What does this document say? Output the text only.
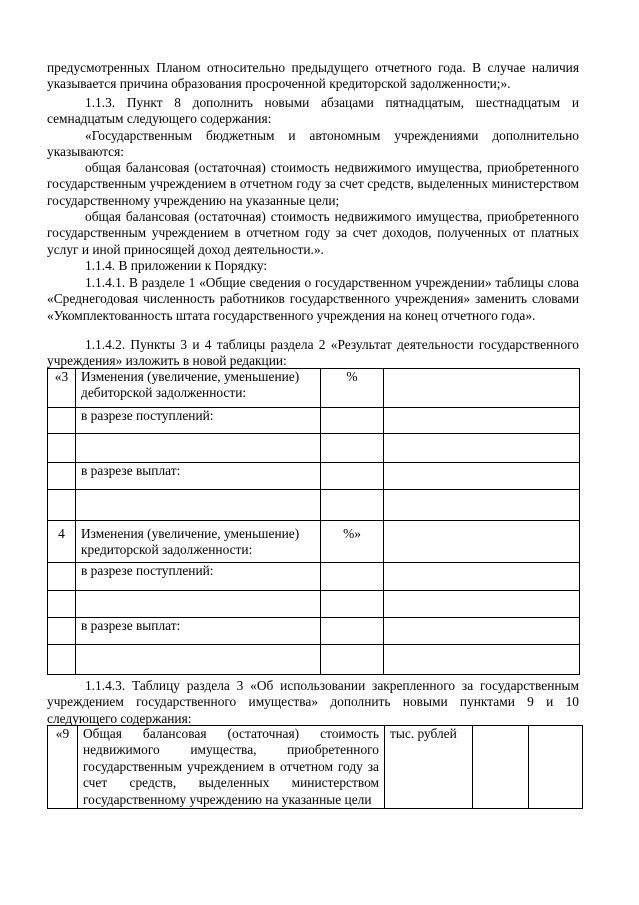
предусмотренных Планом относительно предыдущего отчетного года. В случае наличия указывается причина образования просроченной кредиторской задолженности;».

1.1.3. Пункт 8 дополнить новыми абзацами пятнадцатым, шестнадцатым и семнадцатым следующего содержания:

«Государственным бюджетным и автономным учреждениями дополнительно указываются:

общая балансовая (остаточная) стоимость недвижимого имущества, приобретенного государственным учреждением в отчетном году за счет средств, выделенных министерством государственному учреждению на указанные цели;

общая балансовая (остаточная) стоимость недвижимого имущества, приобретенного государственным учреждением в отчетном году за счет доходов, полученных от платных услуг и иной приносящей доход деятельности.».

1.1.4. В приложении к Порядку:

1.1.4.1. В разделе 1 «Общие сведения о государственном учреждении» таблицы слова «Среднегодовая численность работников государственного учреждения» заменить словами «Укомплектованность штата государственного учреждения на конец отчетного года».

1.1.4.2. Пункты 3 и 4 таблицы раздела 2 «Результат деятельности государственного учреждения» изложить в новой редакции:

«3	Изменения (увеличение, уменьшение) дебиторской задолженности:	%	
	в разрезе поступлений:		

	в разрезе выплат:		

4	Изменения (увеличение, уменьшение) кредиторской задолженности:	%»	
	в разрезе поступлений:		

	в разрезе выплат:		

1.1.4.3. Таблицу раздела 3 «Об использовании закрепленного за государственным учреждением государственного имущества» дополнить новыми пунктами 9 и 10 следующего содержания:

«9	Общая балансовая (остаточная) стоимость недвижимого имущества, приобретенного государственным учреждением в отчетном году за счет средств, выделенных министерством государственному учреждению на указанные цели	тыс. рублей		
